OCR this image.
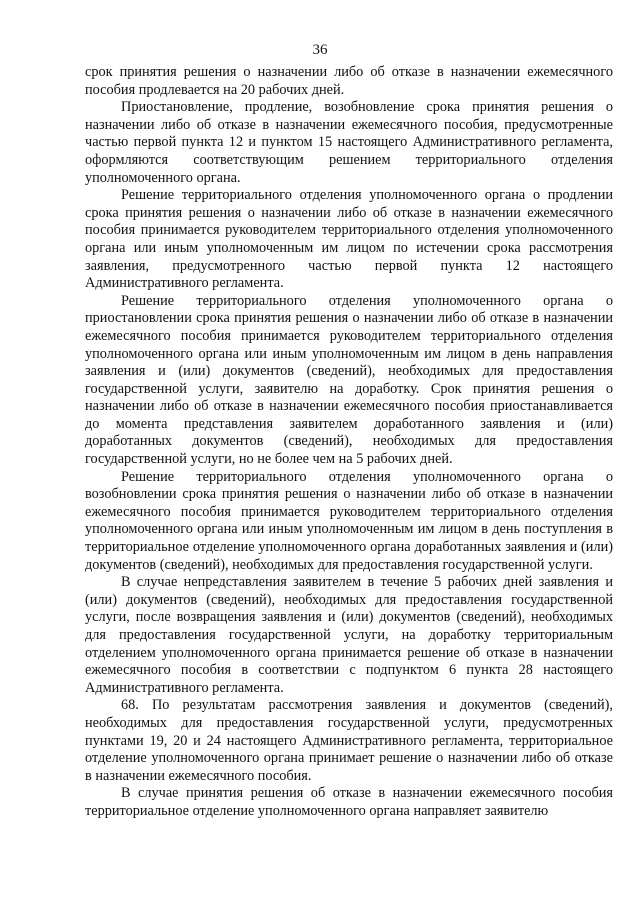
36

срок принятия решения о назначении либо об отказе в назначении ежемесячного пособия продлевается на 20 рабочих дней.

Приостановление, продление, возобновление срока принятия решения о назначении либо об отказе в назначении ежемесячного пособия, предусмотренные частью первой пункта 12 и пунктом 15 настоящего Административного регламента, оформляются соответствующим решением территориального отделения уполномоченного органа.

Решение территориального отделения уполномоченного органа о продлении срока принятия решения о назначении либо об отказе в назначении ежемесячного пособия принимается руководителем территориального отделения уполномоченного органа или иным уполномоченным им лицом по истечении срока рассмотрения заявления, предусмотренного частью первой пункта 12 настоящего Административного регламента.

Решение территориального отделения уполномоченного органа о приостановлении срока принятия решения о назначении либо об отказе в назначении ежемесячного пособия принимается руководителем территориального отделения уполномоченного органа или иным уполномоченным им лицом в день направления заявления и (или) документов (сведений), необходимых для предоставления государственной услуги, заявителю на доработку. Срок принятия решения о назначении либо об отказе в назначении ежемесячного пособия приостанавливается до момента представления заявителем доработанного заявления и (или) доработанных документов (сведений), необходимых для предоставления государственной услуги, но не более чем на 5 рабочих дней.

Решение территориального отделения уполномоченного органа о возобновлении срока принятия решения о назначении либо об отказе в назначении ежемесячного пособия принимается руководителем территориального отделения уполномоченного органа или иным уполномоченным им лицом в день поступления в территориальное отделение уполномоченного органа доработанных заявления и (или) документов (сведений), необходимых для предоставления государственной услуги.

В случае непредставления заявителем в течение 5 рабочих дней заявления и (или) документов (сведений), необходимых для предоставления государственной услуги, после возвращения заявления и (или) документов (сведений), необходимых для предоставления государственной услуги, на доработку территориальным отделением уполномоченного органа принимается решение об отказе в назначении ежемесячного пособия в соответствии с подпунктом 6 пункта 28 настоящего Административного регламента.

68. По результатам рассмотрения заявления и документов (сведений), необходимых для предоставления государственной услуги, предусмотренных пунктами 19, 20 и 24 настоящего Административного регламента, территориальное отделение уполномоченного органа принимает решение о назначении либо об отказе в назначении ежемесячного пособия.

В случае принятия решения об отказе в назначении ежемесячного пособия территориальное отделение уполномоченного органа направляет заявителю
